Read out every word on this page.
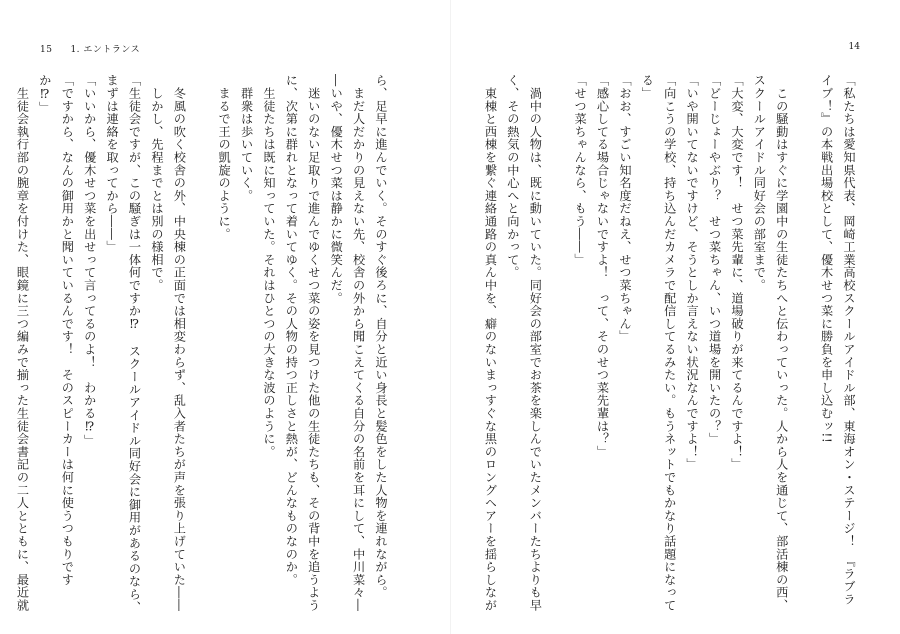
15 1. エントランス	14

「私たちは愛知県代表、岡崎工業高校スクールアイドル部、東海オン・ステージ！　『ラブラ

イブ！』の本戦出場校として、優木せつ菜に勝負を申し込むッ!!

　この騒動はすぐに学園中の生徒たちへと伝わっていった。人から人を通じて、部活棟の西、

スクールアイドル同好会の部室まで。

「大変、大変です！　せつ菜先輩に、道場破りが来てるんですよ！」

「どーじょーやぶり？　せつ菜ちゃん、いつ道場を開いたの？」

「いや開いてないですけど、そうとしか言えない状況なんですよ！」

「向こうの学校、持ち込んだカメラで配信してるみたい。もうネットでもかなり話題になって

る」

「おお、すごい知名度だねえ、せつ菜ちゃん」

「感心してる場合じゃないですよ！　って、そのせつ菜先輩は？」

「せつ菜ちゃんなら、もう――」

　渦中の人物は、既に動いていた。同好会の部室でお茶を楽しんでいたメンバーたちよりも早

く、その熱気の中心へと向かって。

　東棟と西棟を繋ぐ連絡通路の真ん中を、癖のないまっすぐな黒のロングヘアーを揺らしなが

ら、足早に進んでいく。そのすぐ後ろに、自分と近い身長と髪色をした人物を連れながら。

　まだ人だかりの見えない先、校舎の外から聞こえてくる自分の名前を耳にして、中川菜々―

―いや、優木せつ菜は静かに微笑んだ。

　迷いのない足取りで進んでゆくせつ菜の姿を見つけた他の生徒たちも、その背中を追うよう

に、次第に群れとなって着いてゆく。その人物の持つ正しさと熱が、どんなものなのか。

　生徒たちは既に知っていた。それはひとつの大きな波のように。

　群衆は歩いていく。

　まるで王の凱旋のように。

　冬風の吹く校舎の外、中央棟の正面では相変わらず、乱入者たちが声を張り上げていた――

　しかし、先程までとは別の様相で。

「生徒会ですが、この騒ぎは一体何ですか⁉　スクールアイドル同好会に御用があるのなら、

まずは連絡を取ってから――」

「いいから、優木せつ菜を出せって言ってるのよ！　わかる⁉」

「ですから、なんの御用かと聞いているんです！　そのスピーカーは何に使うつもりです

か⁉」

　生徒会執行部の腕章を付けた、眼鏡に三つ編みで揃った生徒会書記の二人とともに、最近就
